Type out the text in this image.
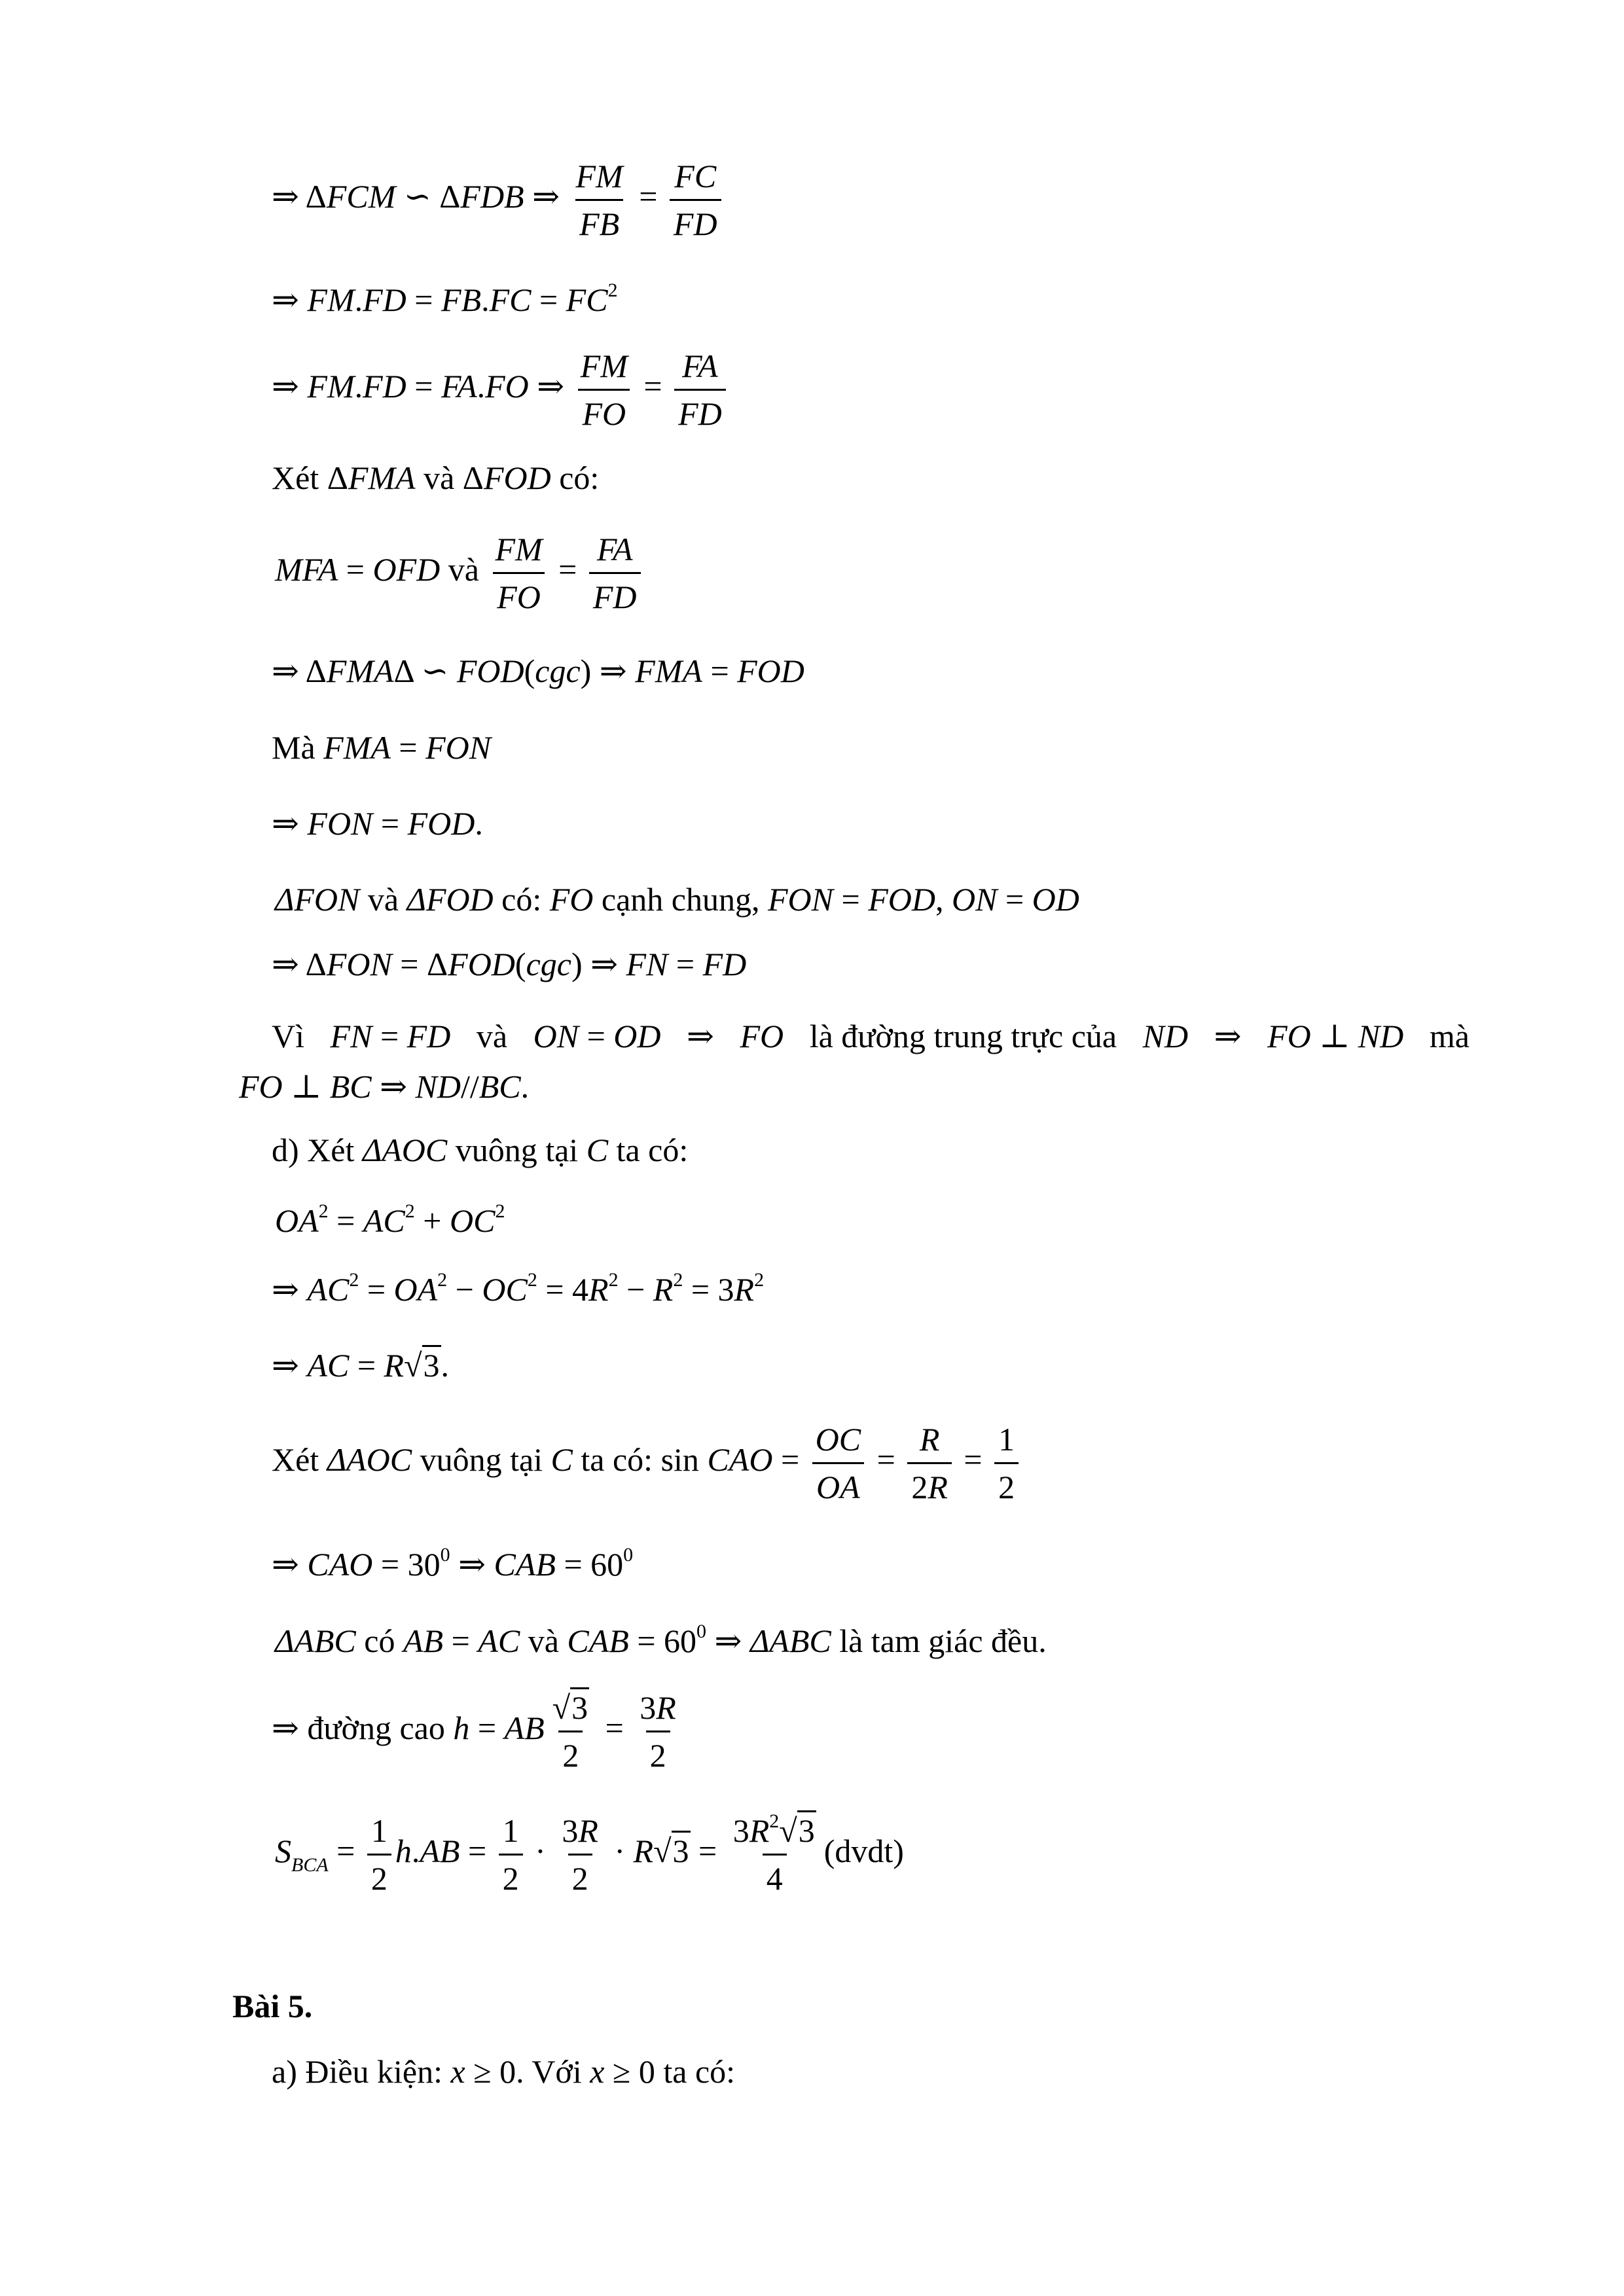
⇒ ΔFCM ∽ ΔFDB ⇒ $\frac{FM}{FB} = \frac{FC}{FD}$
⇒ $FM.FD = FB.FC = FC^2$
⇒ FM.FD = FA.FO ⇒ $\frac{FM}{FO} = \frac{FA}{FD}$
Xét ΔFMA và ΔFOD có:
MFA = OFD và $\frac{FM}{FO} = \frac{FA}{FD}$
⇒ ΔFMAΔ ∽ FOD(cgc) ⇒ FMA = FOD
Mà FMA = FON
⇒ FON = FOD.
ΔFON và ΔFOD có: FO cạnh chung, FON = FOD, ON = OD
⇒ ΔFON = ΔFOD(cgc) ⇒ FN = FD
Vì FN = FD và ON = OD ⇒ FO là đường trung trực của ND ⇒ FO ⊥ ND mà
FO ⊥ BC ⇒ ND//BC.
d) Xét ΔAOC vuông tại C ta có:
$OA^2 = AC^2 + OC^2$
⇒ $AC^2 = OA^2 - OC^2 = 4R^2 - R^2 = 3R^2$
⇒ AC = R√3.
Xét ΔAOC vuông tại C ta có: sin CAO = $\frac{OC}{OA} = \frac{R}{2R} = \frac{1}{2}$
⇒ CAO = $30^0$ ⇒ CAB = $60^0$
ΔABC có AB = AC và CAB = $60^0$ ⇒ ΔABC là tam giác đều.
⇒ đường cao h = AB $\frac{√3}{2} = \frac{3R}{2}$
$S_{BCA} = \frac{1}{2} h.AB = \frac{1}{2} \cdot \frac{3R}{2} \cdot R√3 = \frac{3R^2√3}{4}$ (dvdt)
Bài 5.
a) Điều kiện: x ≥ 0. Với x ≥ 0 ta có:
